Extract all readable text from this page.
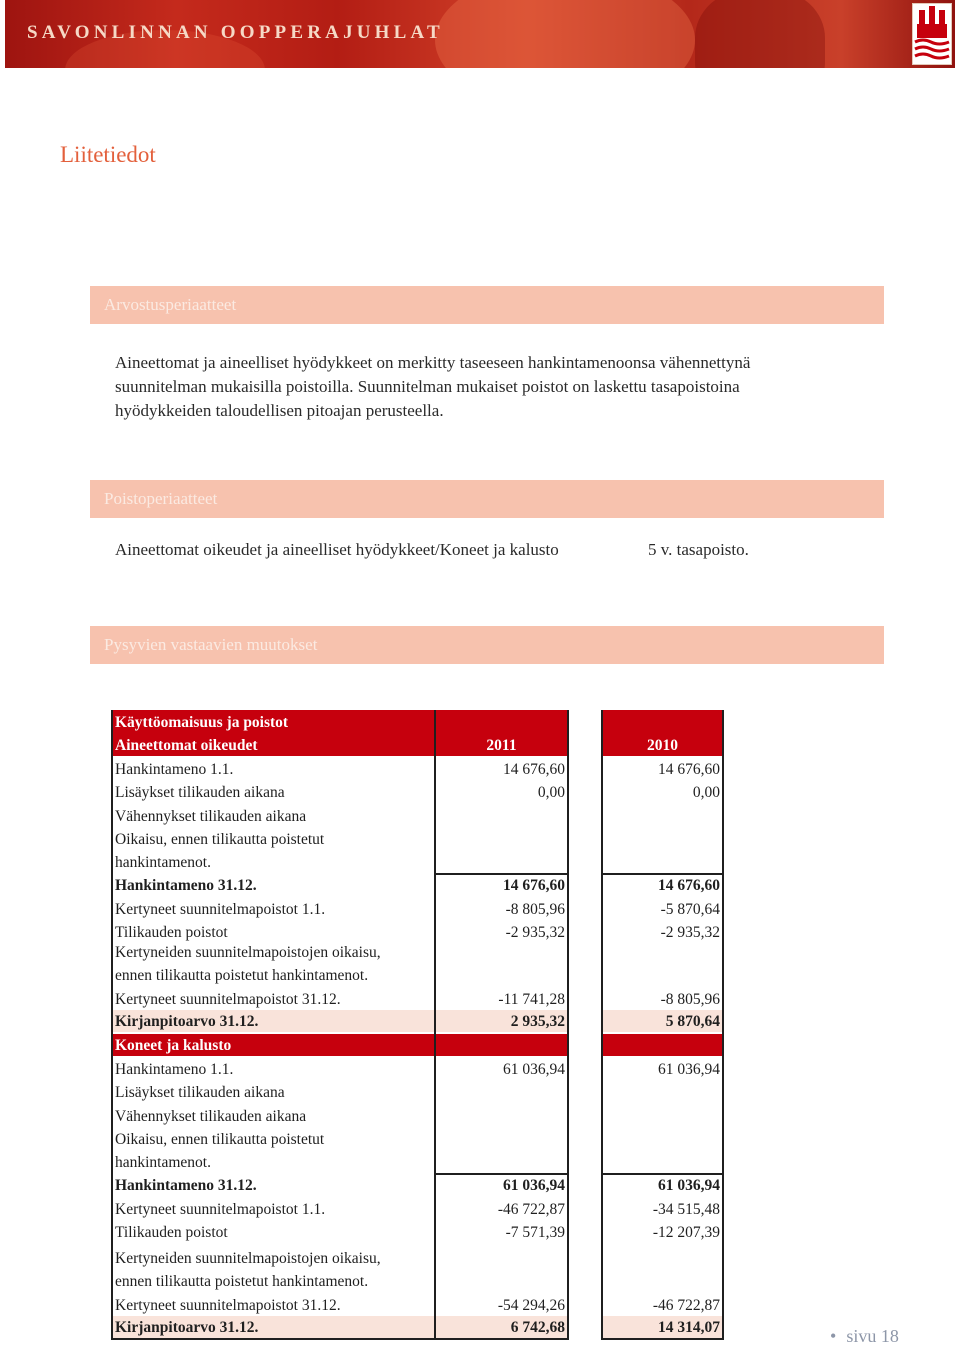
SAVONLINNAN OOPPERAJUHLAT
Liitetiedot
Arvostusperiaatteet
Aineettomat ja aineelliset hyödykkeet on merkitty taseeseen hankintamenoonsa vähennettynä suunnitelman mukaisilla poistoilla. Suunnitelman mukaiset poistot on laskettu tasapoistoina hyödykkeiden taloudellisen pitoajan perusteella.
Poistoperiaatteet
Aineettomat oikeudet ja aineelliset hyödykkeet/Koneet ja kalusto	5 v. tasapoisto.
Pysyvien vastaavien muutokset
Käyttöomaisuus ja poistot
Aineettomat oikeudet	2011	2010
Hankintameno 1.1.	14 676,60	14 676,60
Lisäykset tilikauden aikana	0,00	0,00
Vähennykset tilikauden aikana
Oikaisu, ennen tilikautta poistetut
hankintamenot.
Hankintameno 31.12.	14 676,60	14 676,60
Kertyneet suunnitelmapoistot 1.1.	-8 805,96	-5 870,64
Tilikauden poistot	-2 935,32	-2 935,32
Kertyneiden suunnitelmapoistojen oikaisu,
ennen tilikautta poistetut hankintamenot.
Kertyneet suunnitelmapoistot 31.12.	-11 741,28	-8 805,96
Kirjanpitoarvo 31.12.	2 935,32	5 870,64
Koneet ja kalusto
Hankintameno 1.1.	61 036,94	61 036,94
Lisäykset tilikauden aikana
Vähennykset tilikauden aikana
Oikaisu, ennen tilikautta poistetut
hankintamenot.
Hankintameno 31.12.	61 036,94	61 036,94
Kertyneet suunnitelmapoistot 1.1.	-46 722,87	-34 515,48
Tilikauden poistot	-7 571,39	-12 207,39
Kertyneiden suunnitelmapoistojen oikaisu,
ennen tilikautta poistetut hankintamenot.
Kertyneet suunnitelmapoistot 31.12.	-54 294,26	-46 722,87
Kirjanpitoarvo 31.12.	6 742,68	14 314,07	• sivu 18
